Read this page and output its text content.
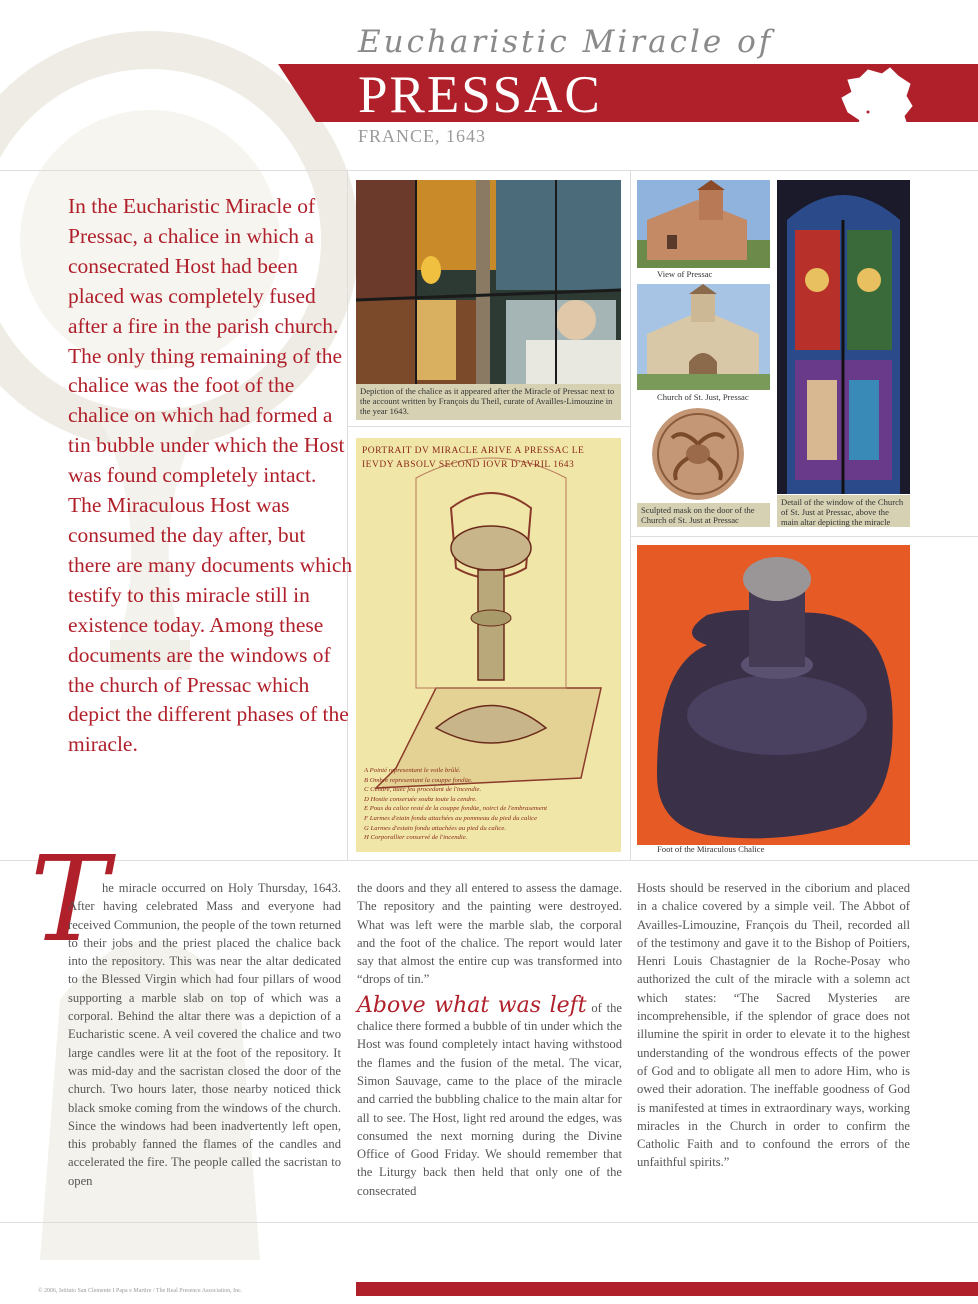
Eucharistic Miracle of
PRESSAC
FRANCE, 1643
In the Eucharistic Miracle of Pressac, a chalice in which a consecrated Host had been placed was completely fused after a fire in the parish church. The only thing remaining of the chalice was the foot of the chalice on which had formed a tin bubble under which the Host was found completely intact. The Miraculous Host was consumed the day after, but there are many documents which testify to this miracle still in existence today. Among these documents are the windows of the church of Pressac which depict the different phases of the miracle.
Depiction of the chalice as it appeared after the Miracle of Pressac next to the account written by François du Theil, curate of Availles-Limouzine in the year 1643.
PORTRAIT DV MIRACLE ARIVÉ A PRESSAC LE
IEVDY ABSOLV SECOND IOVR D'AVRIL 1643
A Pointé representant le voile brûlé.
B Ombre representant la couppe fondüe.
C Cendre, auec feu procedant de l'incendie.
D Hostie conseruée soubz toute la cendre.
E Pous du calice resté de la couppe fondüe, noirci de l'embrasement
F Larmes d'etain fondu attachées au pommeau du pied du calice
G Larmes d'estain fondu attachées au pied du calice.
H Corporallier conservé de l'incendie.
View of Pressac
Church of St. Just, Pressac
Sculpted mask on the door of the Church of St. Just at Pressac
Detail of the window of the Church of St. Just at Pressac, above the main altar depicting the miracle
Foot of the Miraculous Chalice
T
he miracle occurred on Holy Thursday, 1643. After having celebrated Mass and everyone had received Communion, the people of the town returned to their jobs and the priest placed the chalice back into the repository. This was near the altar dedicated to the Blessed Virgin which had four pillars of wood supporting a marble slab on top of which was a corporal. Behind the altar there was a depiction of a Eucharistic scene. A veil covered the chalice and two large candles were lit at the foot of the repository. It was mid-day and the sacristan closed the door of the church. Two hours later, those nearby noticed thick black smoke coming from the windows of the church. Since the windows had been inadvertently left open, this probably fanned the flames of the candles and accelerated the fire. The people called the sacristan to open
the doors and they all entered to assess the damage. The repository and the painting were destroyed. What was left were the marble slab, the corporal and the foot of the chalice. The report would later say that almost the entire cup was transformed into “drops of tin.”
Above what was left of the chalice there formed a bubble of tin under which the Host was found completely intact having withstood the flames and the fusion of the metal. The vicar, Simon Sauvage, came to the place of the miracle and carried the bubbling chalice to the main altar for all to see. The Host, light red around the edges, was consumed the next morning during the Divine Office of Good Friday. We should remember that the Liturgy back then held that only one of the consecrated
Hosts should be reserved in the ciborium and placed in a chalice covered by a simple veil. The Abbot of Availles-Limouzine, François du Theil, recorded all of the testimony and gave it to the Bishop of Poitiers, Henri Louis Chastagnier de la Roche-Posay who authorized the cult of the miracle with a solemn act which states: “The Sacred Mysteries are incomprehensible, if the splendor of grace does not illumine the spirit in order to elevate it to the highest understanding of the wondrous effects of the power of God and to obligate all men to adore Him, who is owed their adoration. The ineffable goodness of God is manifested at times in extraordinary ways, working miracles in the Church in order to confirm the Catholic Faith and to confound the errors of the unfaithful spirits.”
© 2006, Istituto San Clemente I Papa e Martire / The Real Presence Association, Inc.
